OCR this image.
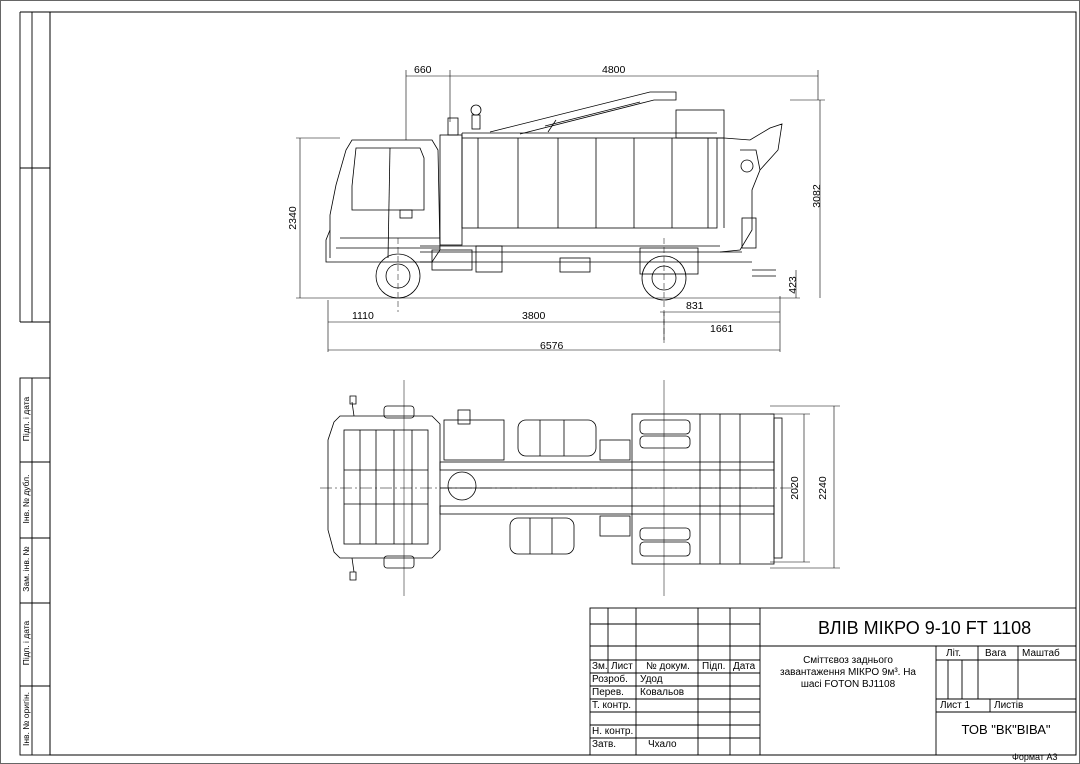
Підп. і дата
Інв. № дубл.
Зам. інв. №
Підп. і дата
Інв. № оригін.
660	4800
2340
3082
423
1110	3800
831
1661
6576
2020 2240
ВЛІВ МІКРО 9-10 FT 1108
Сміттєвоз заднього
завантаження МІКРО 9м³. На
шасі FOTON BJ1108
Зм. Лист № докум. Підп. Дата
Розроб. Удод
Перев. Ковальов
Т. контр.
Н. контр.
Затв.	Чхало
Літ. Вага Маштаб
Лист 1 Листів
ТОВ "ВК"ВІВА"
Формат А3
